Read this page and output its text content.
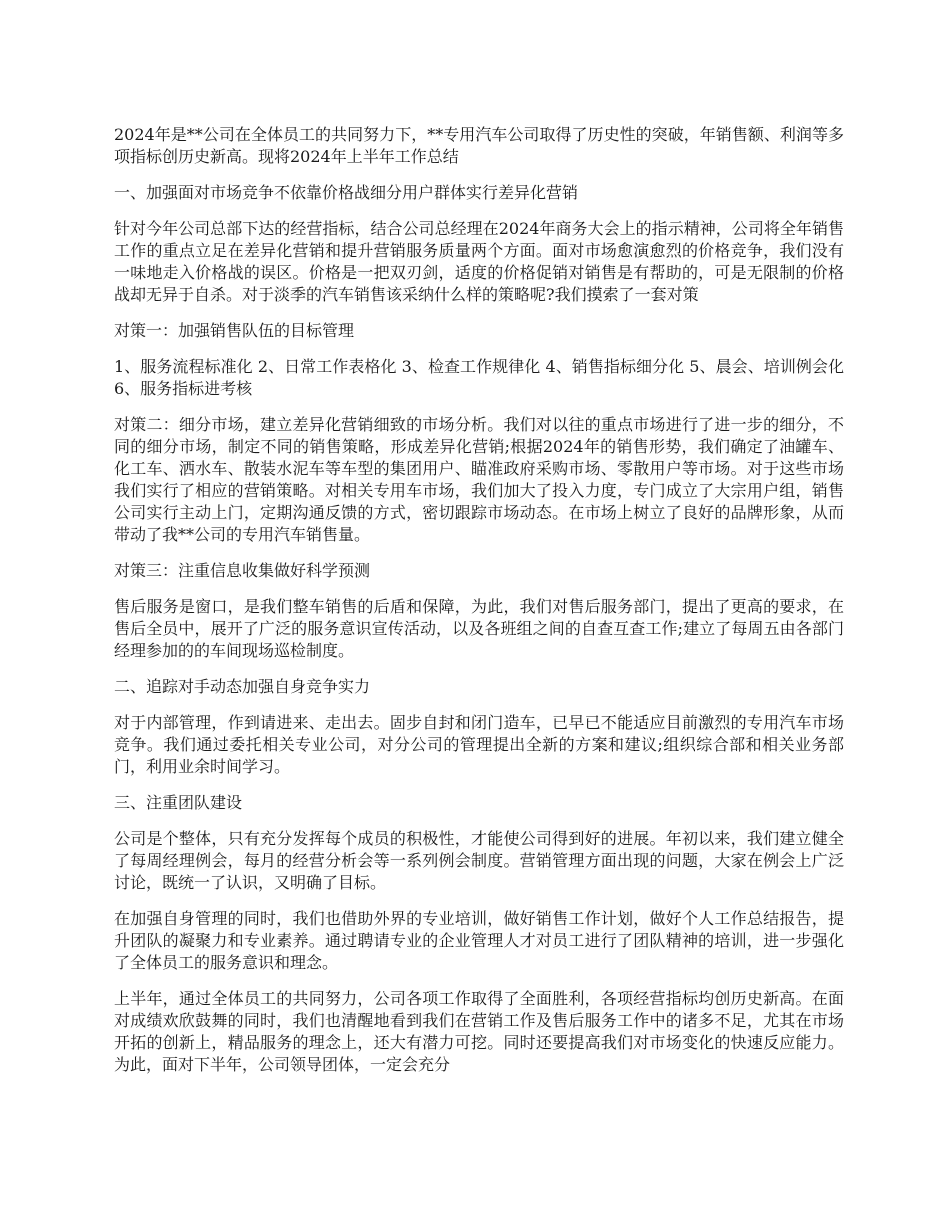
2024年是**公司在全体员工的共同努力下，**专用汽车公司取得了历史性的突破，年销售额、利润等多项指标创历史新高。现将2024年上半年工作总结

一、加强面对市场竞争不依靠价格战细分用户群体实行差异化营销

针对今年公司总部下达的经营指标，结合公司总经理在2024年商务大会上的指示精神，公司将全年销售工作的重点立足在差异化营销和提升营销服务质量两个方面。面对市场愈演愈烈的价格竞争，我们没有一味地走入价格战的误区。价格是一把双刃剑，适度的价格促销对销售是有帮助的，可是无限制的价格战却无异于自杀。对于淡季的汽车销售该采纳什么样的策略呢?我们摸索了一套对策

对策一：加强销售队伍的目标管理

1、服务流程标准化 2、日常工作表格化 3、检查工作规律化 4、销售指标细分化 5、晨会、培训例会化 6、服务指标进考核

对策二：细分市场，建立差异化营销细致的市场分析。我们对以往的重点市场进行了进一步的细分，不同的细分市场，制定不同的销售策略，形成差异化营销;根据2024年的销售形势，我们确定了油罐车、化工车、洒水车、散装水泥车等车型的集团用户、瞄准政府采购市场、零散用户等市场。对于这些市场我们实行了相应的营销策略。对相关专用车市场，我们加大了投入力度，专门成立了大宗用户组，销售公司实行主动上门，定期沟通反馈的方式，密切跟踪市场动态。在市场上树立了良好的品牌形象，从而带动了我**公司的专用汽车销售量。

对策三：注重信息收集做好科学预测

售后服务是窗口，是我们整车销售的后盾和保障，为此，我们对售后服务部门，提出了更高的要求，在售后全员中，展开了广泛的服务意识宣传活动，以及各班组之间的自查互查工作;建立了每周五由各部门经理参加的的车间现场巡检制度。

二、追踪对手动态加强自身竞争实力

对于内部管理，作到请进来、走出去。固步自封和闭门造车，已早已不能适应目前激烈的专用汽车市场竞争。我们通过委托相关专业公司，对分公司的管理提出全新的方案和建议;组织综合部和相关业务部门，利用业余时间学习。

三、注重团队建设

公司是个整体，只有充分发挥每个成员的积极性，才能使公司得到好的进展。年初以来，我们建立健全了每周经理例会，每月的经营分析会等一系列例会制度。营销管理方面出现的问题，大家在例会上广泛讨论，既统一了认识，又明确了目标。

在加强自身管理的同时，我们也借助外界的专业培训，做好销售工作计划，做好个人工作总结报告，提升团队的凝聚力和专业素养。通过聘请专业的企业管理人才对员工进行了团队精神的培训，进一步强化了全体员工的服务意识和理念。

上半年，通过全体员工的共同努力，公司各项工作取得了全面胜利，各项经营指标均创历史新高。在面对成绩欢欣鼓舞的同时，我们也清醒地看到我们在营销工作及售后服务工作中的诸多不足，尤其在市场开拓的创新上，精品服务的理念上，还大有潜力可挖。同时还要提高我们对市场变化的快速反应能力。为此，面对下半年，公司领导团体，一定会充分
